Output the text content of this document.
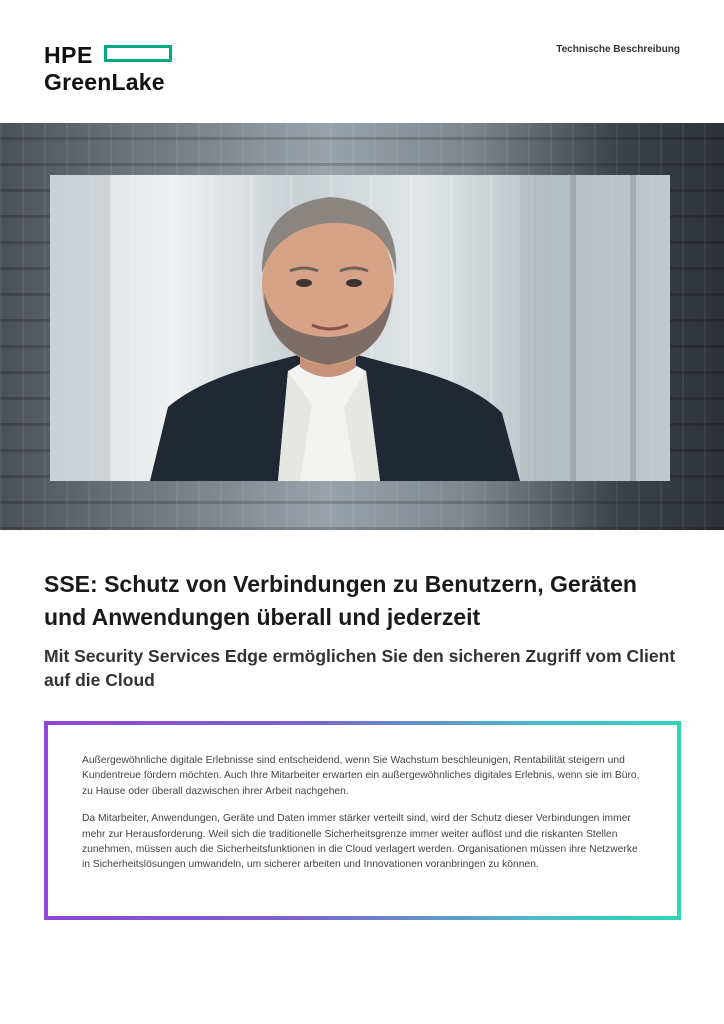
HPE
GreenLake
Technische Beschreibung
SSE: Schutz von Verbindungen zu Benutzern, Geräten und Anwendungen überall und jederzeit
Mit Security Services Edge ermöglichen Sie den sicheren Zugriff vom Client auf die Cloud

Außergewöhnliche digitale Erlebnisse sind entscheidend, wenn Sie Wachstum beschleunigen, Rentabilität steigern und Kundentreue fördern möchten. Auch Ihre Mitarbeiter erwarten ein außergewöhnliches digitales Erlebnis, wenn sie im Büro, zu Hause oder überall dazwischen ihrer Arbeit nachgehen.

Da Mitarbeiter, Anwendungen, Geräte und Daten immer stärker verteilt sind, wird der Schutz dieser Verbindungen immer mehr zur Herausforderung. Weil sich die traditionelle Sicherheitsgrenze immer weiter auflöst und die riskanten Stellen zunehmen, müssen auch die Sicherheitsfunktionen in die Cloud verlagert werden. Organisationen müssen ihre Netzwerke in Sicherheitslösungen umwandeln, um sicherer arbeiten und Innovationen voranbringen zu können.
